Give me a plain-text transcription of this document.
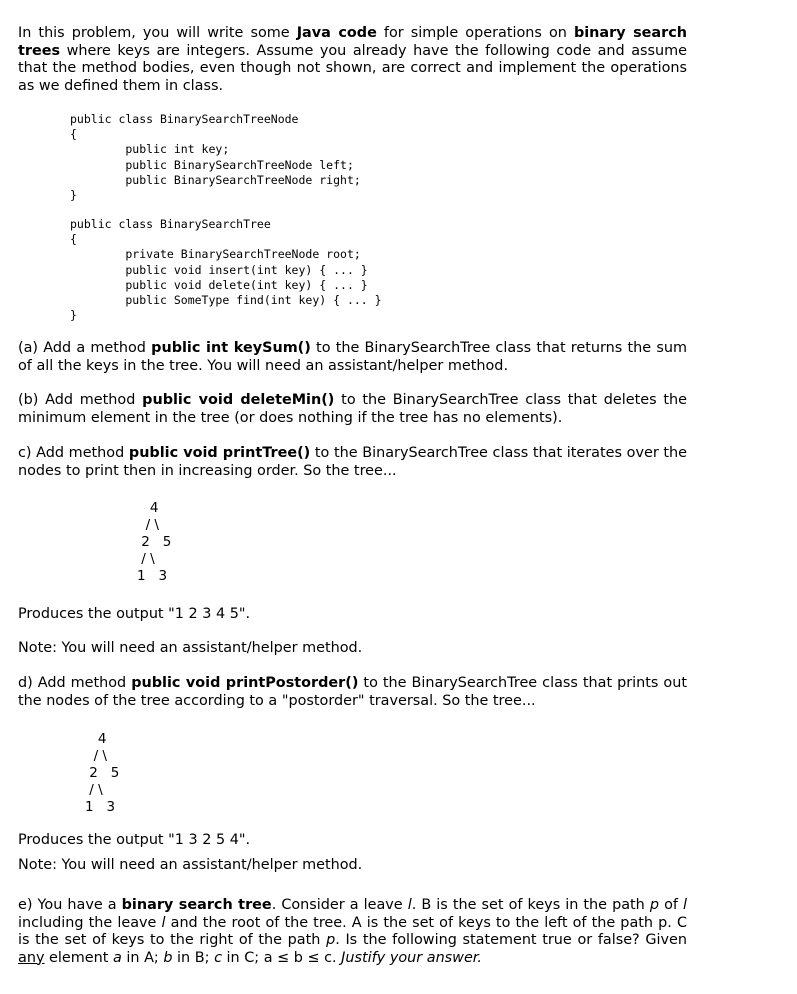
In this problem, you will write some Java code for simple operations on binary search trees where keys are integers. Assume you already have the following code and assume that the method bodies, even though not shown, are correct and implement the operations as we defined them in class.

public class BinarySearchTreeNode
{
public int key;
public BinarySearchTreeNode left;
public BinarySearchTreeNode right;
}
public class BinarySearchTree
{
private BinarySearchTreeNode root;
public void insert(int key) { ... }
public void delete(int key) { ... }
public SomeType find(int key) { ... }
}

(a) Add a method public int keySum() to the BinarySearchTree class that returns the sum of all the keys in the tree. You will need an assistant/helper method.

(b) Add method public void deleteMin() to the BinarySearchTree class that deletes the minimum element in the tree (or does nothing if the tree has no elements).

c) Add method public void printTree() to the BinarySearchTree class that iterates over the nodes to print then in increasing order. So the tree...

4
/ \
2   5
/ \
1   3

Produces the output "1 2 3 4 5".

Note: You will need an assistant/helper method.

d) Add method public void printPostorder() to the BinarySearchTree class that prints out the nodes of the tree according to a "postorder" traversal. So the tree...

4
/ \
2   5
/ \
1   3

Produces the output "1 3 2 5 4".

Note: You will need an assistant/helper method.

e) You have a binary search tree. Consider a leave l. B is the set of keys in the path p of l including the leave l and the root of the tree. A is the set of keys to the left of the path p. C is the set of keys to the right of the path p. Is the following statement true or false? Given any element a in A; b in B; c in C; a ≤ b ≤ c. Justify your answer.
